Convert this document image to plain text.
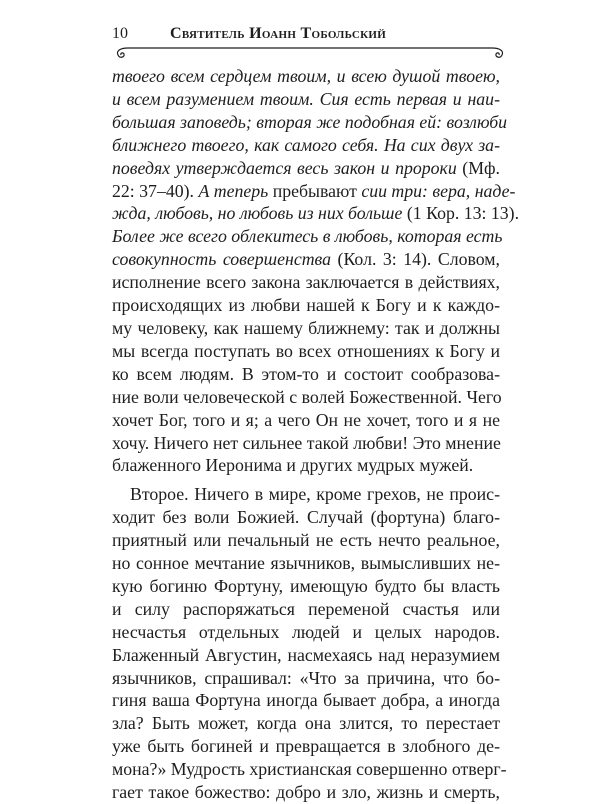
10	Святитель Иоанн Тобольский
твоего всем сердцем твоим, и всею душой твоею,
и всем разумением твоим. Сия есть первая и наи-
большая заповедь; вторая же подобная ей: возлюби
ближнего твоего, как самого себя. На сих двух за-
поведях утверждается весь закон и пророки (Мф.
22: 37–40). А теперь пребывают сии три: вера, наде-
жда, любовь, но любовь из них больше (1 Кор. 13: 13).
Более же всего облекитесь в любовь, которая есть
совокупность совершенства (Кол. 3: 14). Словом,
исполнение всего закона заключается в действиях,
происходящих из любви нашей к Богу и к каждо-
му человеку, как нашему ближнему: так и должны
мы всегда поступать во всех отношениях к Богу и
ко всем людям. В этом-то и состоит сообразова-
ние воли человеческой с волей Божественной. Чего
хочет Бог, того и я; а чего Он не хочет, того и я не
хочу. Ничего нет сильнее такой любви! Это мнение
блаженного Иеронима и других мудрых мужей.
Второе. Ничего в мире, кроме грехов, не проис-
ходит без воли Божией. Случай (фортуна) благо-
приятный или печальный не есть нечто реальное,
но сонное мечтание язычников, вымысливших не-
кую богиню Фортуну, имеющую будто бы власть
и силу распоряжаться переменой счастья или
несчастья отдельных людей и целых народов.
Блаженный Августин, насмехаясь над неразумием
язычников, спрашивал: «Что за причина, что бо-
гиня ваша Фортуна иногда бывает добра, а иногда
зла? Быть может, когда она злится, то перестает
уже быть богиней и превращается в злобного де-
мона?» Мудрость христианская совершенно отверг-
гает такое божество: добро и зло, жизнь и смерть,
